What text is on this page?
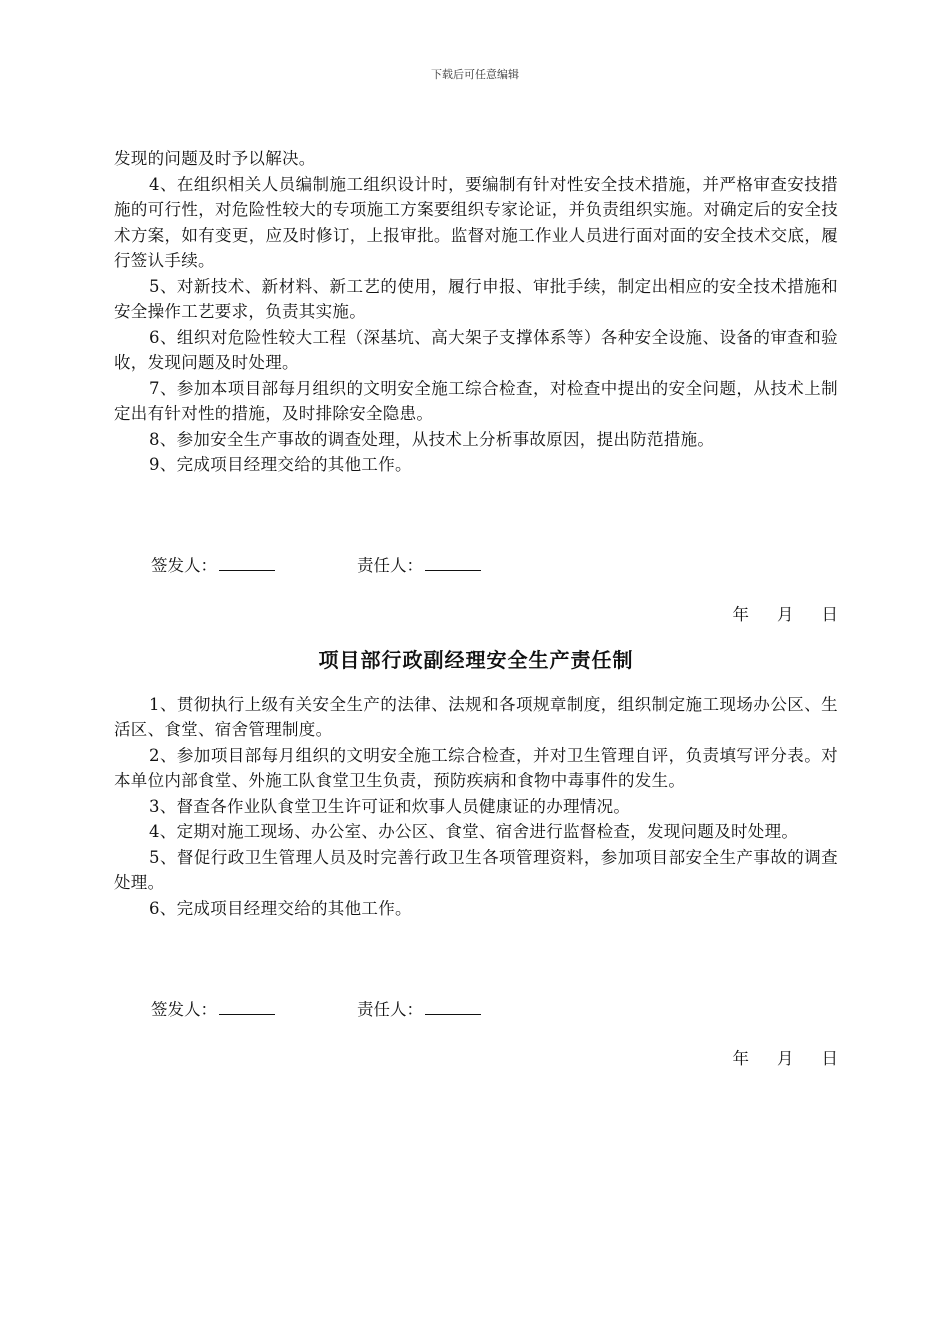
下载后可任意编辑

发现的问题及时予以解决。

4、在组织相关人员编制施工组织设计时，要编制有针对性安全技术措施，并严格审查安技措施的可行性，对危险性较大的专项施工方案要组织专家论证，并负责组织实施。对确定后的安全技术方案，如有变更，应及时修订，上报审批。监督对施工作业人员进行面对面的安全技术交底，履行签认手续。

5、对新技术、新材料、新工艺的使用，履行申报、审批手续，制定出相应的安全技术措施和安全操作工艺要求，负责其实施。

6、组织对危险性较大工程（深基坑、高大架子支撑体系等）各种安全设施、设备的审查和验收，发现问题及时处理。

7、参加本项目部每月组织的文明安全施工综合检查，对检查中提出的安全问题，从技术上制定出有针对性的措施，及时排除安全隐患。

8、参加安全生产事故的调查处理，从技术上分析事故原因，提出防范措施。

9、完成项目经理交给的其他工作。

签发人：	责任人：
年 月 日
项目部行政副经理安全生产责任制

1、贯彻执行上级有关安全生产的法律、法规和各项规章制度，组织制定施工现场办公区、生活区、食堂、宿舍管理制度。

2、参加项目部每月组织的文明安全施工综合检查，并对卫生管理自评，负责填写评分表。对本单位内部食堂、外施工队食堂卫生负责，预防疾病和食物中毒事件的发生。

3、督查各作业队食堂卫生许可证和炊事人员健康证的办理情况。

4、定期对施工现场、办公室、办公区、食堂、宿舍进行监督检查，发现问题及时处理。

5、督促行政卫生管理人员及时完善行政卫生各项管理资料，参加项目部安全生产事故的调查处理。

6、完成项目经理交给的其他工作。

签发人：	责任人：
年 月 日
